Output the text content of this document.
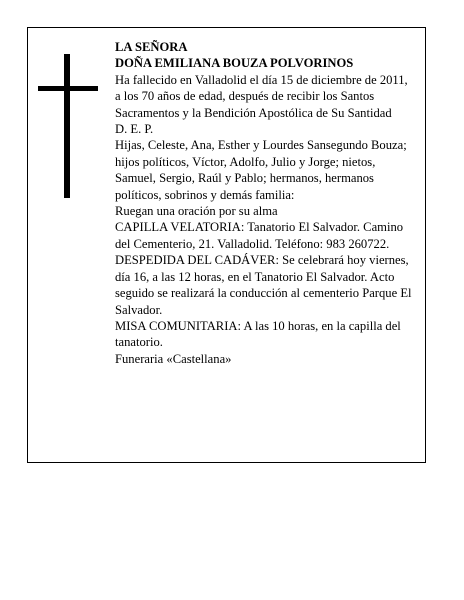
LA SEÑORA

DOÑA EMILIANA BOUZA POLVORINOS

Ha fallecido en Valladolid el día 15 de diciembre de 2011, a los 70 años de edad, después de recibir los Santos Sacramentos y la Bendición Apostólica de Su Santidad

D. E. P.

Hijas, Celeste, Ana, Esther y Lourdes Sansegundo Bouza; hijos políticos, Víctor, Adolfo, Julio y Jorge; nietos, Samuel, Sergio, Raúl y Pablo; hermanos, hermanos políticos, sobrinos y demás familia:

Ruegan una oración por su alma

CAPILLA VELATORIA: Tanatorio El Salvador. Camino del Cementerio, 21. Valladolid. Teléfono: 983 260722.

DESPEDIDA DEL CADÁVER: Se celebrará hoy viernes, día 16, a las 12 horas, en el Tanatorio El Salvador. Acto seguido se realizará la conducción al cementerio Parque El Salvador.

MISA COMUNITARIA: A las 10 horas, en la capilla del tanatorio.

Funeraria «Castellana»
